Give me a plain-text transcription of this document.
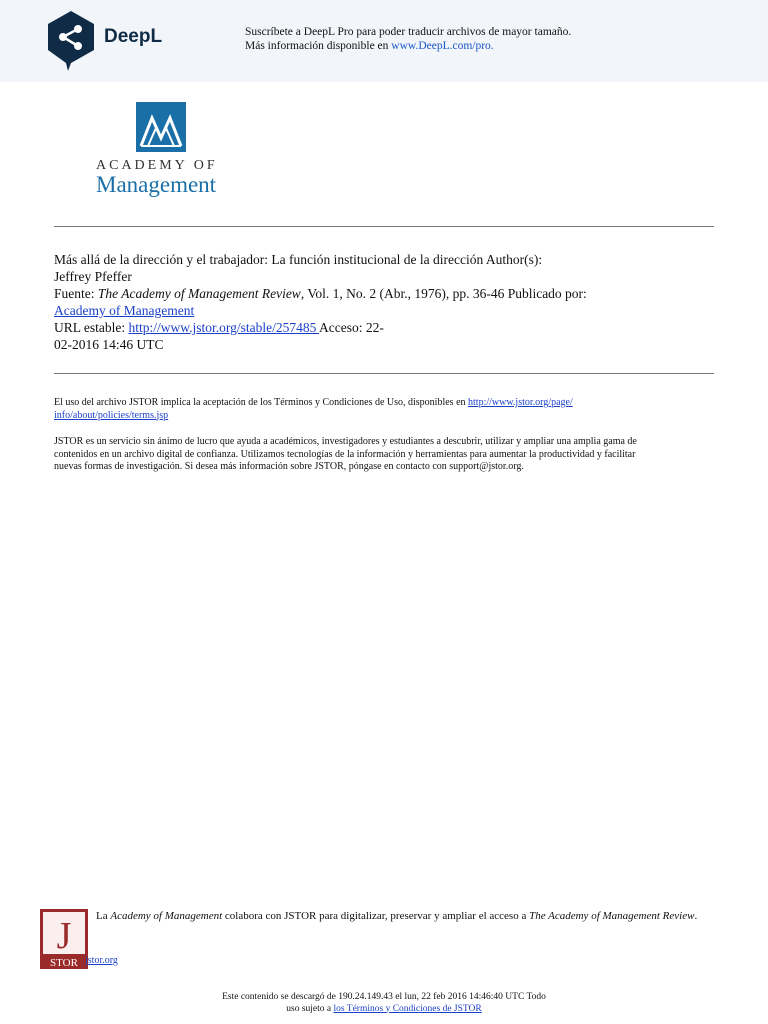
DeepL	Suscríbete a DeepL Pro para poder traducir archivos de mayor tamaño.
Más información disponible en www.DeepL.com/pro.
ACADEMY OF
Management
Más allá de la dirección y el trabajador: La función institucional de la dirección Author(s):
Jeffrey Pfeffer
Fuente: The Academy of Management Review, Vol. 1, No. 2 (Abr., 1976), pp. 36-46 Publicado por:
Academy of Management
URL estable: http://www.jstor.org/stable/257485 Acceso: 22-
02-2016 14:46 UTC
El uso del archivo JSTOR implica la aceptación de los Términos y Condiciones de Uso, disponibles en http://www.jstor.org/page/
info/about/policies/terms.jsp
JSTOR es un servicio sin ánimo de lucro que ayuda a académicos, investigadores y estudiantes a descubrir, utilizar y ampliar una amplia gama de
contenidos en un archivo digital de confianza. Utilizamos tecnologías de la información y herramientas para aumentar la productividad y facilitar
nuevas formas de investigación. Si desea más información sobre JSTOR, póngase en contacto con support@jstor.org.
J
STOR jstor.org
La Academy of Management colabora con JSTOR para digitalizar, preservar y ampliar el acceso a The Academy of Management Review.
Este contenido se descargó de 190.24.149.43 el lun, 22 feb 2016 14:46:40 UTC Todo
uso sujeto a los Términos y Condiciones de JSTOR
